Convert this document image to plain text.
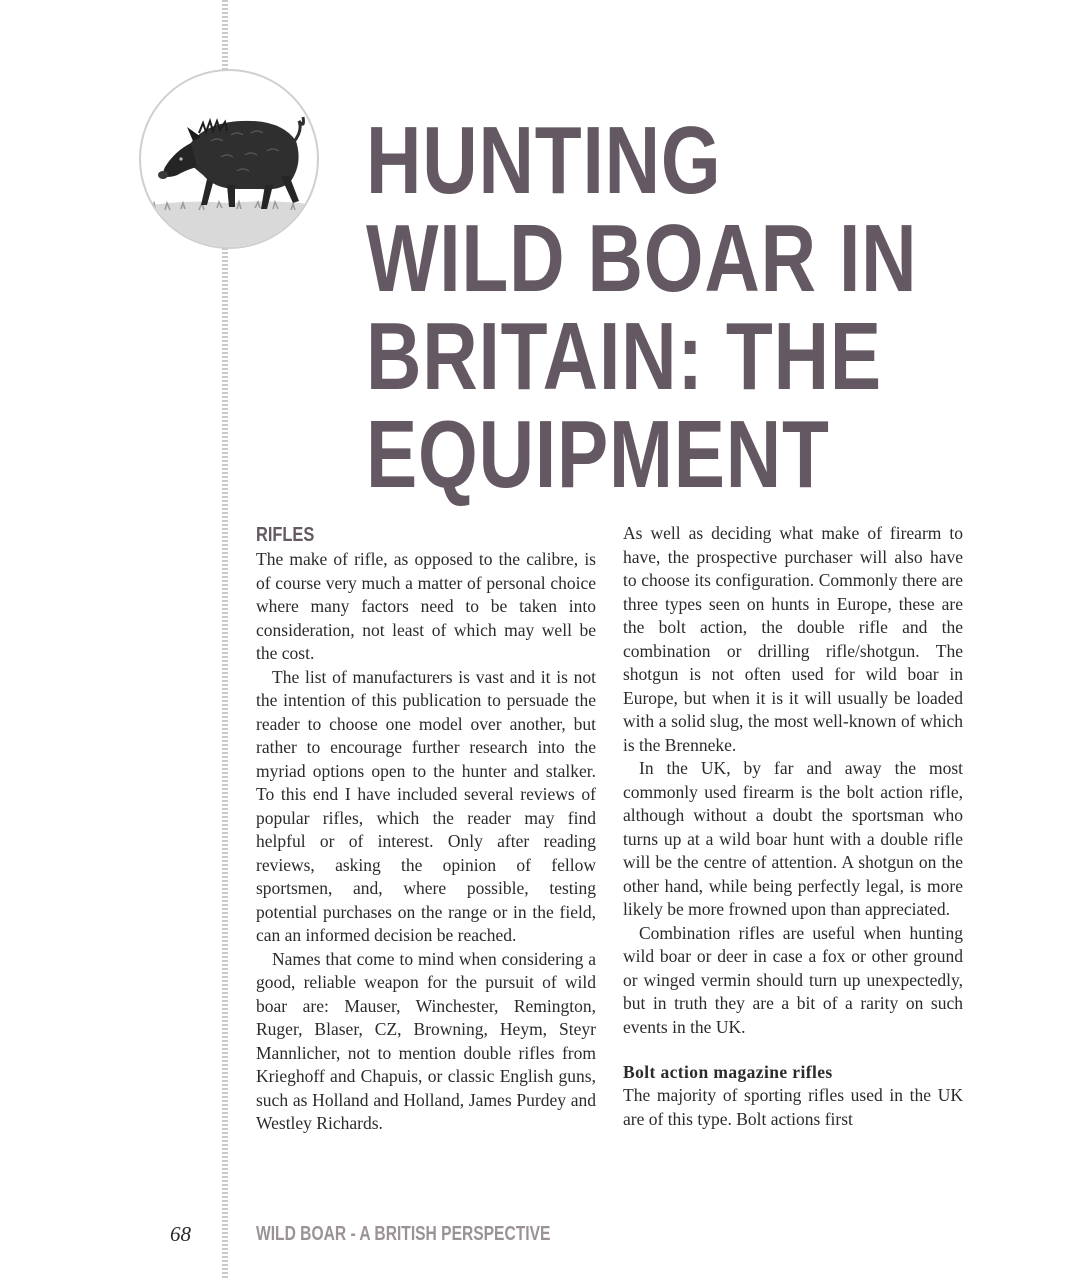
HUNTING
WILD BOAR IN
BRITAIN: THE
EQUIPMENT
RIFLES

The make of rifle, as opposed to the calibre, is of course very much a matter of personal choice where many factors need to be taken into consideration, not least of which may well be the cost.

The list of manufacturers is vast and it is not the intention of this publication to persuade the reader to choose one model over another, but rather to encourage further research into the myriad options open to the hunter and stalker. To this end I have included several reviews of popular rifles, which the reader may find helpful or of interest. Only after reading reviews, asking the opinion of fellow sportsmen, and, where possible, testing potential purchases on the range or in the field, can an informed decision be reached.

Names that come to mind when considering a good, reliable weapon for the pursuit of wild boar are: Mauser, Winchester, Remington, Ruger, Blaser, CZ, Browning, Heym, Steyr Mannlicher, not to mention double rifles from Krieghoff and Chapuis, or classic English guns, such as Holland and Holland, James Purdey and Westley Richards.

As well as deciding what make of firearm to have, the prospective purchaser will also have to choose its configuration. Commonly there are three types seen on hunts in Europe, these are the bolt action, the double rifle and the combination or drilling rifle/shotgun. The shotgun is not often used for wild boar in Europe, but when it is it will usually be loaded with a solid slug, the most well-known of which is the Brenneke.

In the UK, by far and away the most commonly used firearm is the bolt action rifle, although without a doubt the sportsman who turns up at a wild boar hunt with a double rifle will be the centre of attention. A shotgun on the other hand, while being perfectly legal, is more likely be more frowned upon than appreciated.

Combination rifles are useful when hunting wild boar or deer in case a fox or other ground or winged vermin should turn up unexpectedly, but in truth they are a bit of a rarity on such events in the UK.

Bolt action magazine rifles

The majority of sporting rifles used in the UK are of this type. Bolt actions first

68	WILD BOAR - A BRITISH PERSPECTIVE
